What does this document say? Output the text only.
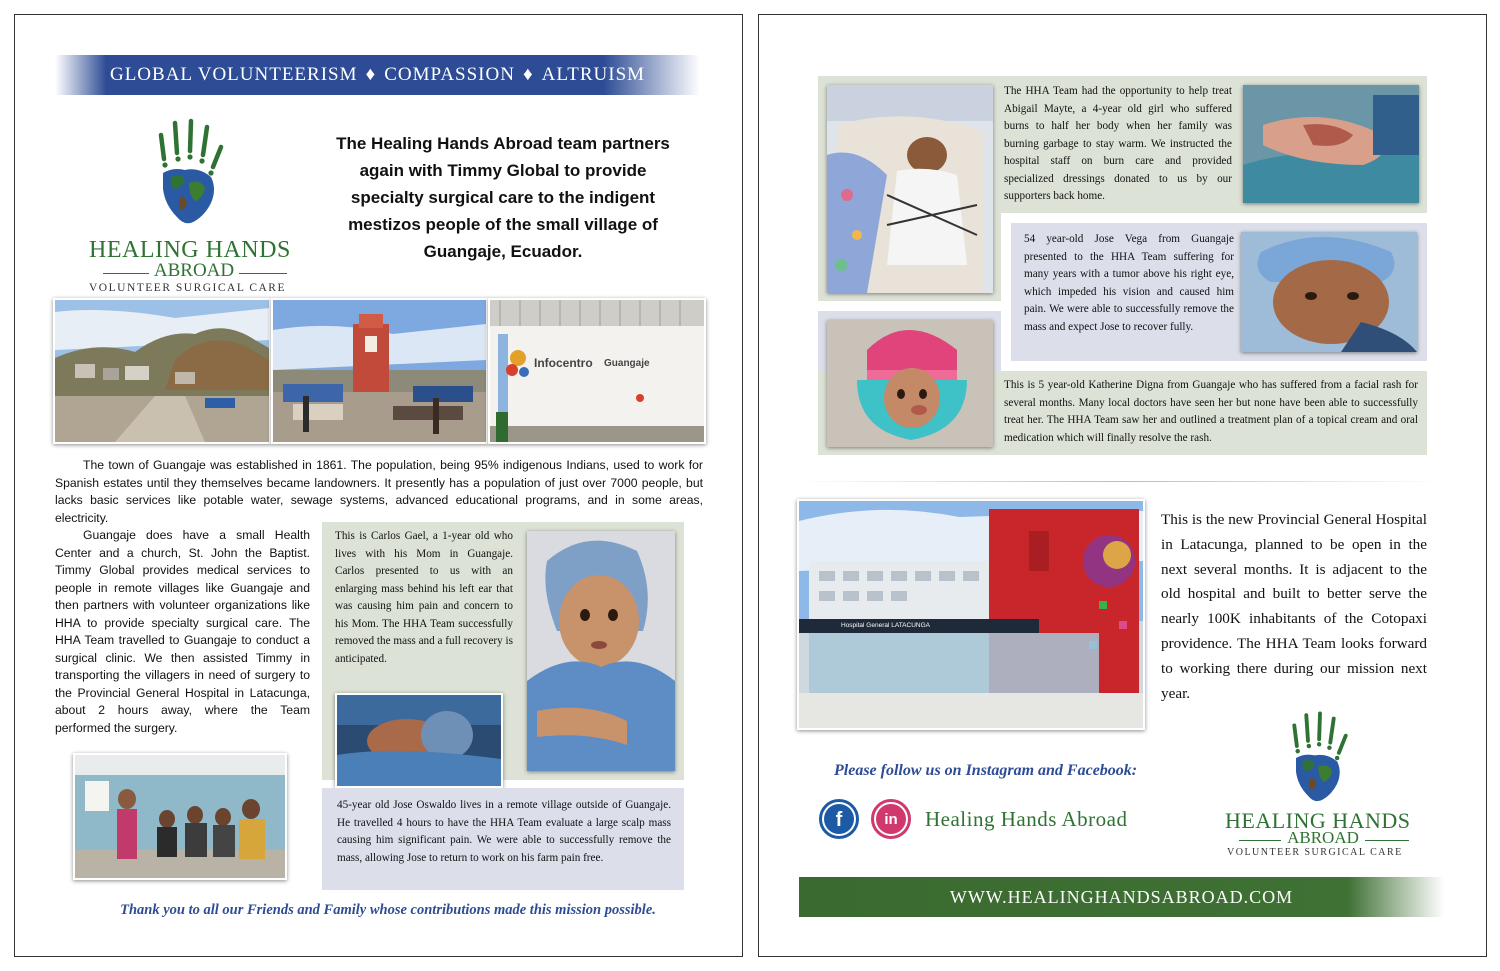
GLOBAL VOLUNTEERISM ♦ COMPASSION ♦ ALTRUISM
HEALING HANDS
ABROAD
VOLUNTEER SURGICAL CARE
The Healing Hands Abroad team partners again with Timmy Global to provide specialty surgical care to the indigent mestizos people of the small village of Guangaje, Ecuador.
Infocentro Guangaje
The town of Guangaje was established in 1861. The population, being 95% indigenous Indians, used to work for Spanish estates until they themselves became landowners. It presently has a population of just over 7000 people, but lacks basic services like potable water, sewage systems, advanced educational programs, and in some areas, electricity.
Guangaje does have a small Health Center and a church, St. John the Baptist. Timmy Global provides medical services to people in remote villages like Guangaje and then partners with volunteer organizations like HHA to provide specialty surgical care. The HHA Team travelled to Guangaje to conduct a surgical clinic. We then assisted Timmy in transporting the villagers in need of surgery to the Provincial General Hospital in Latacunga, about 2 hours away, where the Team performed the surgery.
This is Carlos Gael, a 1-year old who lives with his Mom in Guangaje. Carlos presented to us with an enlarging mass behind his left ear that was causing him pain and concern to his Mom. The HHA Team successfully removed the mass and a full recovery is anticipated.
45-year old Jose Oswaldo lives in a remote village outside of Guangaje. He travelled 4 hours to have the HHA Team evaluate a large scalp mass causing him significant pain. We were able to successfully remove the mass, allowing Jose to return to work on his farm pain free.
Thank you to all our Friends and Family whose contributions made this mission possible.
The HHA Team had the opportunity to help treat Abigail Mayte, a 4-year old girl who suffered burns to half her body when her family was burning garbage to stay warm. We instructed the hospital staff on burn care and provided specialized dressings donated to us by our supporters back home.
54 year-old Jose Vega from Guangaje presented to the HHA Team suffering for many years with a tumor above his right eye, which impeded his vision and caused him pain. We were able to successfully remove the mass and expect Jose to recover fully.
This is 5 year-old Katherine Digna from Guangaje who has suffered from a facial rash for several months. Many local doctors have seen her but none have been able to successfully treat her. The HHA Team saw her and outlined a treatment plan of a topical cream and oral medication which will finally resolve the rash.
Hospital General LATACUNGA
This is the new Provincial General Hospital in Latacunga, planned to be open in the next several months. It is adjacent to the old hospital and built to better serve the nearly 100K inhabitants of the Cotopaxi providence. The HHA Team looks forward to working there during our mission next year.
Please follow us on Instagram and Facebook:
f	in	Healing Hands Abroad	HEALING HANDS
ABROAD
VOLUNTEER SURGICAL CARE
WWW.HEALINGHANDSABROAD.COM
